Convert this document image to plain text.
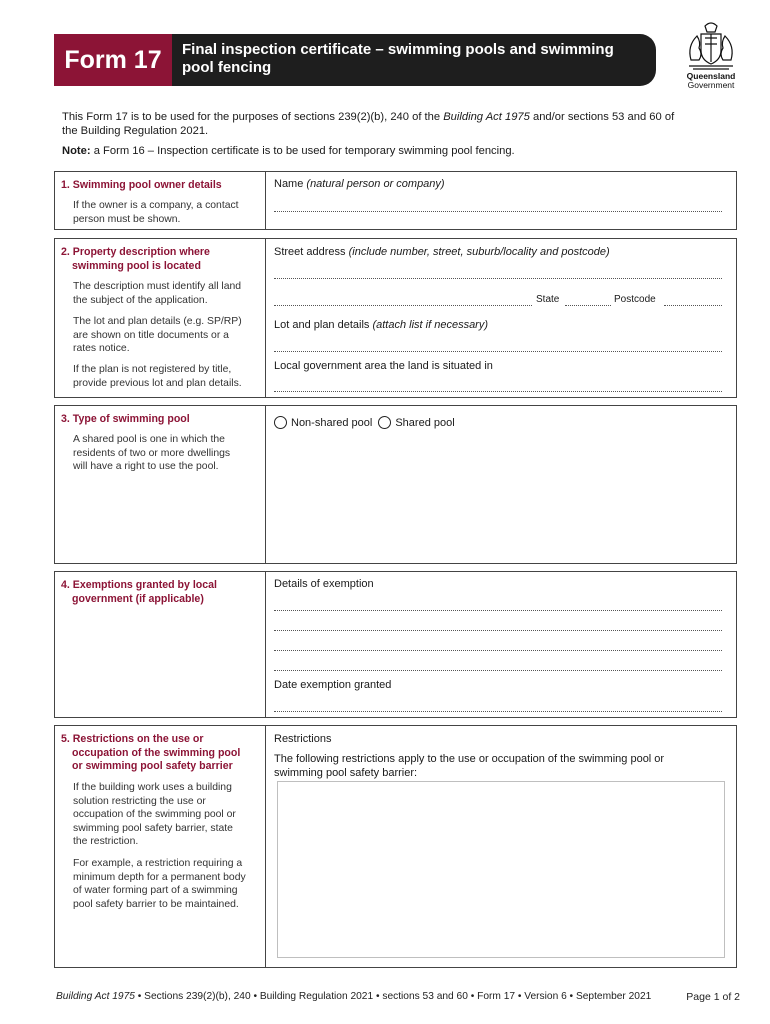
Form 17	Final inspection certificate – swimming pools and swimming
pool fencing	Queensland
Government

This Form 17 is to be used for the purposes of sections 239(2)(b), 240 of the Building Act 1975 and/or sections 53 and 60 of
the Building Regulation 2021.

Note: a Form 16 – Inspection certificate is to be used for temporary swimming pool fencing.

1. Swimming pool owner details
If the owner is a company, a contact
person must be shown.
Name (natural person or company)
2. Property description where
swimming pool is located
The description must identify all land
the subject of the application.
The lot and plan details (e.g. SP/RP)
are shown on title documents or a
rates notice.
If the plan is not registered by title,
provide previous lot and plan details.
Street address (include number, street, suburb/locality and postcode)
State	Postcode
Lot and plan details (attach list if necessary)
Local government area the land is situated in
3. Type of swimming pool
A shared pool is one in which the
residents of two or more dwellings
will have a right to use the pool.
Non-shared pool Shared pool
4. Exemptions granted by local
government (if applicable)
Details of exemption
Date exemption granted
5. Restrictions on the use or
occupation of the swimming pool
or swimming pool safety barrier
If the building work uses a building
solution restricting the use or
occupation of the swimming pool or
swimming pool safety barrier, state
the restriction.
For example, a restriction requiring a
minimum depth for a permanent body
of water forming part of a swimming
pool safety barrier to be maintained.
Restrictions
The following restrictions apply to the use or occupation of the swimming pool or
swimming pool safety barrier:
Building Act 1975 • Sections 239(2)(b), 240 • Building Regulation 2021 • sections 53 and 60 • Form 17 • Version 6 • September 2021	Page 1 of 2
